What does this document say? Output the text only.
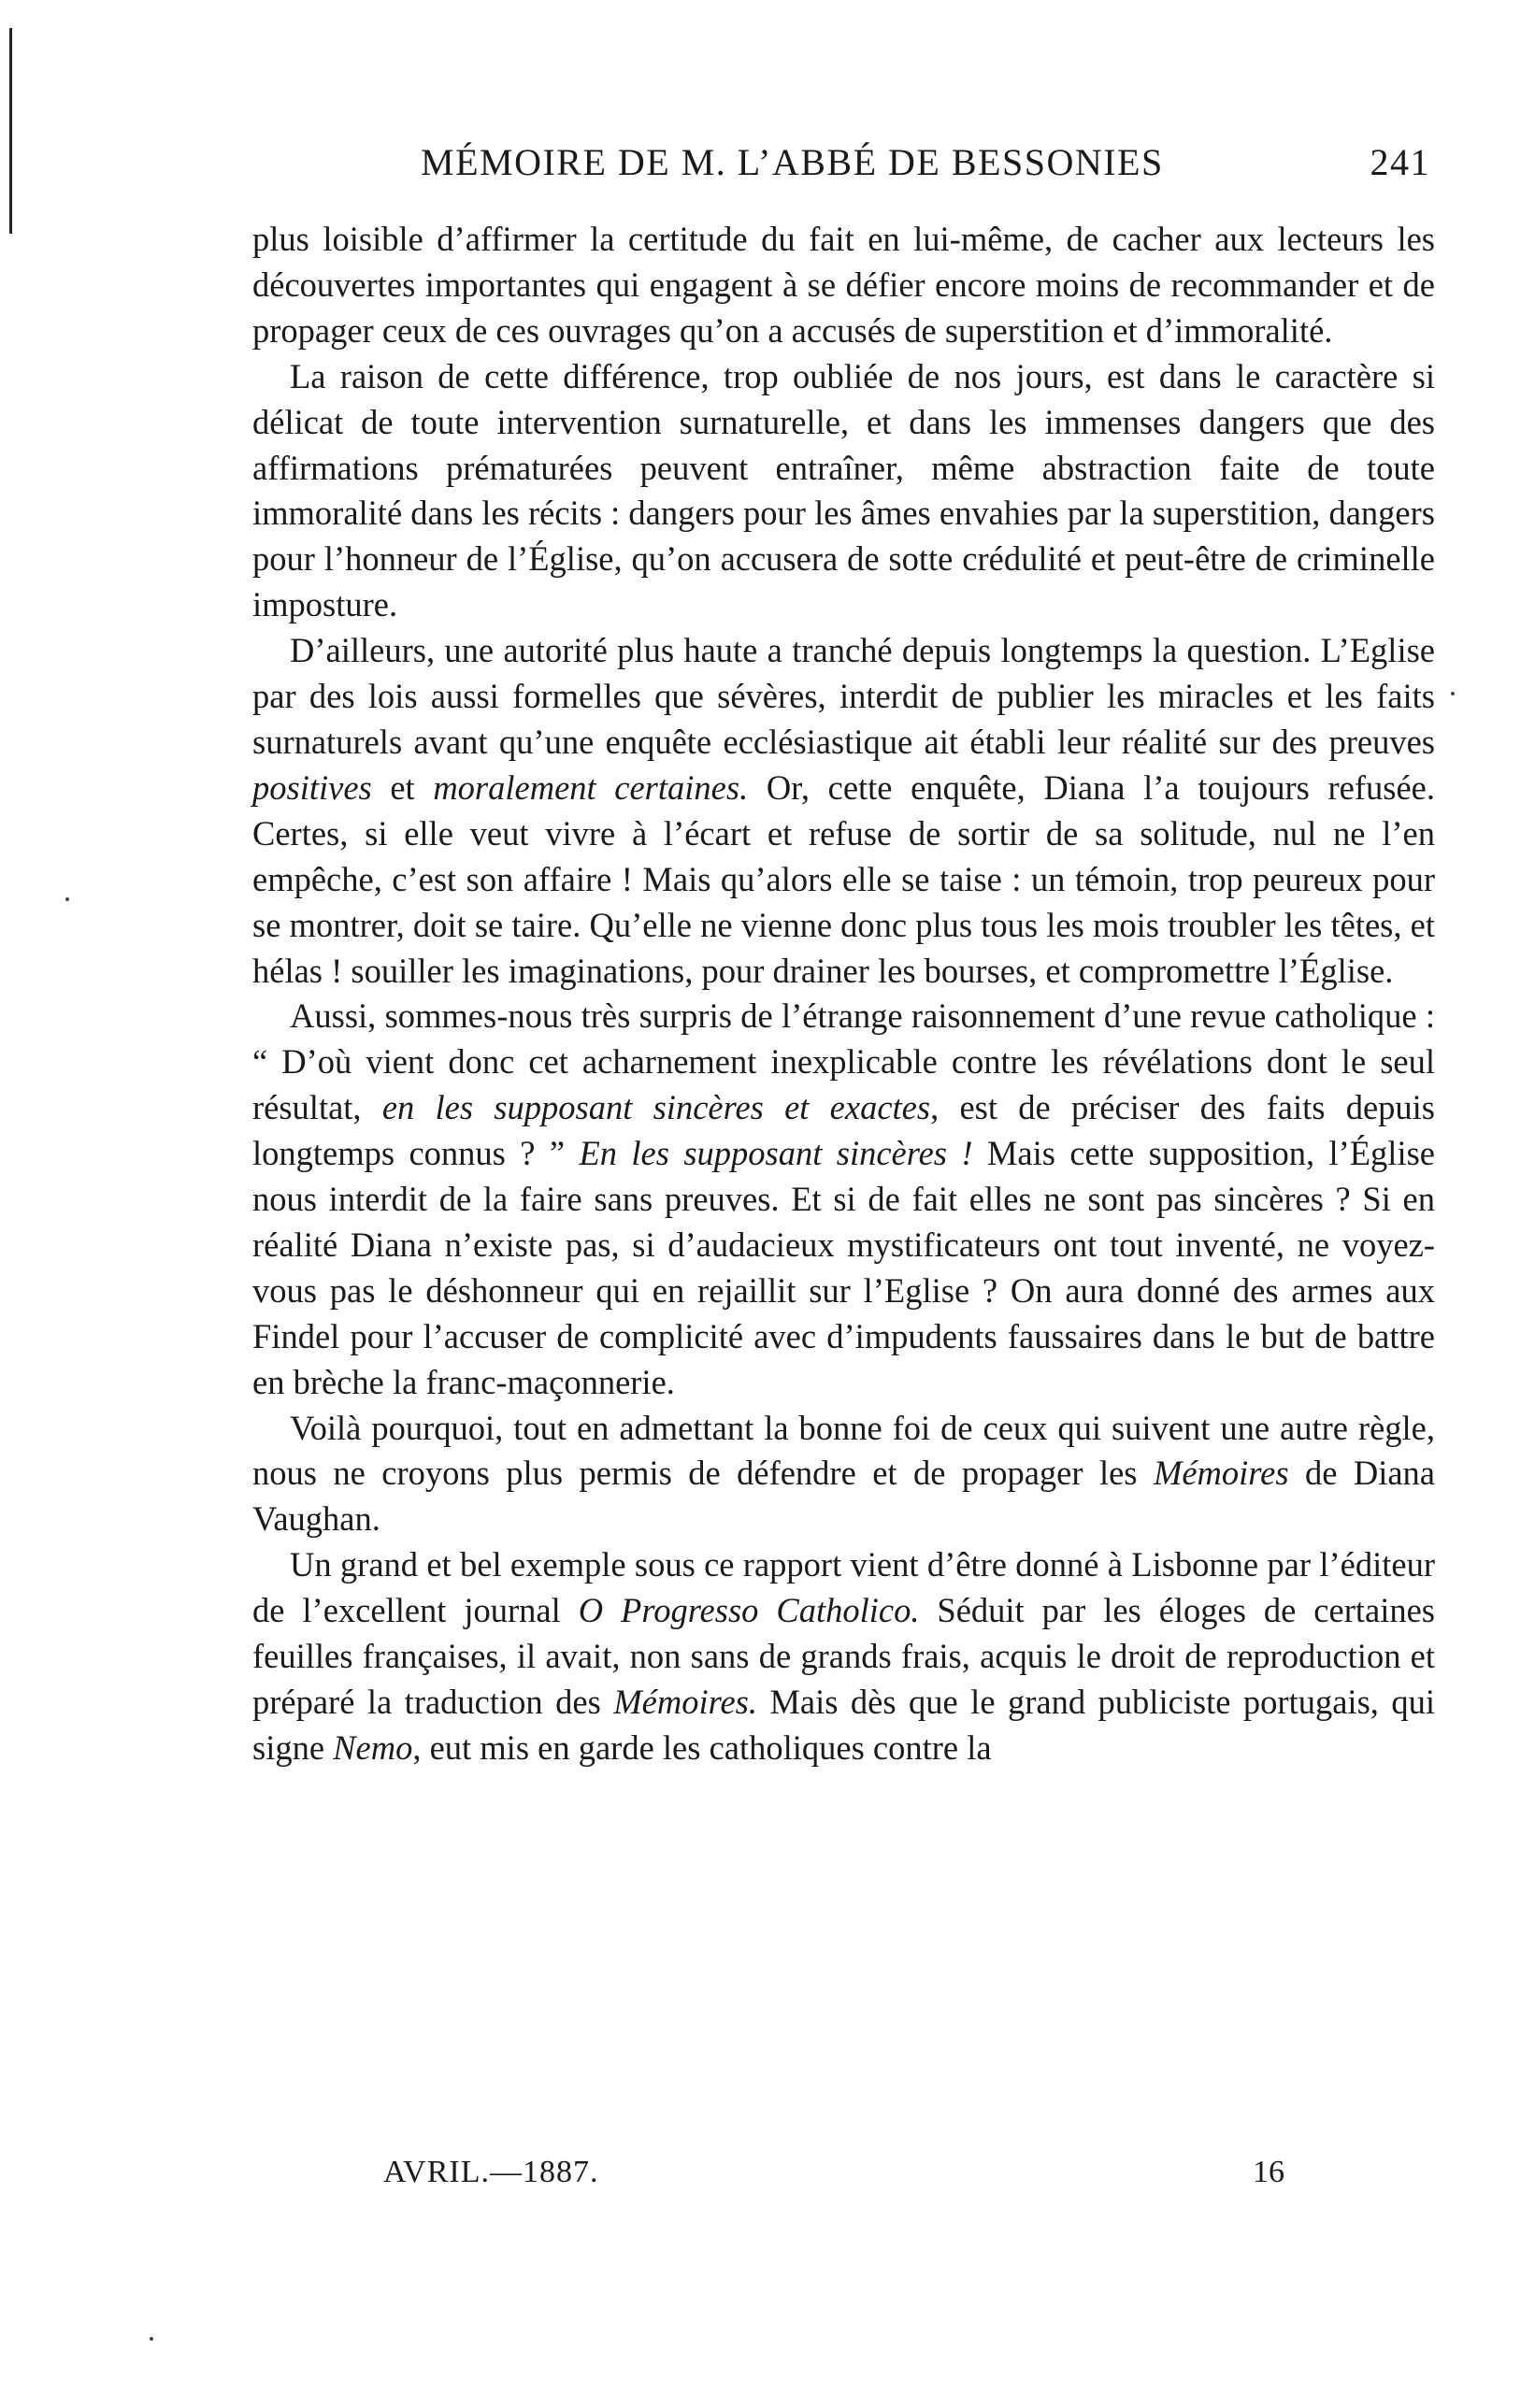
MÉMOIRE DE M. L’ABBÉ DE BESSONIES	241

plus loisible d’affirmer la certitude du fait en lui-même, de cacher aux lecteurs les découvertes importantes qui engagent à se défier encore moins de recommander et de propager ceux de ces ouvrages qu’on a accusés de superstition et d’immoralité.

La raison de cette différence, trop oubliée de nos jours, est dans le caractère si délicat de toute intervention surnaturelle, et dans les immenses dangers que des affirmations prématurées peuvent entraîner, même abstraction faite de toute immoralité dans les récits : dangers pour les âmes envahies par la superstition, dangers pour l’honneur de l’Église, qu’on accusera de sotte crédulité et peut-être de criminelle imposture.

D’ailleurs, une autorité plus haute a tranché depuis longtemps la question. L’Eglise par des lois aussi formelles que sévères, interdit de publier les miracles et les faits surnaturels avant qu’une enquête ecclésiastique ait établi leur réalité sur des preuves positives et moralement certaines. Or, cette enquête, Diana l’a toujours refusée. Certes, si elle veut vivre à l’écart et refuse de sortir de sa solitude, nul ne l’en empêche, c’est son affaire ! Mais qu’alors elle se taise : un témoin, trop peureux pour se montrer, doit se taire. Qu’elle ne vienne donc plus tous les mois troubler les têtes, et hélas ! souiller les imaginations, pour drainer les bourses, et compromettre l’Église.

Aussi, sommes-nous très surpris de l’étrange raisonnement d’une revue catholique : “ D’où vient donc cet acharnement inexplicable contre les révélations dont le seul résultat, en les supposant sincères et exactes, est de préciser des faits depuis longtemps connus ? ” En les supposant sincères ! Mais cette supposition, l’Église nous interdit de la faire sans preuves. Et si de fait elles ne sont pas sincères ? Si en réalité Diana n’existe pas, si d’audacieux mystificateurs ont tout inventé, ne voyez-vous pas le déshonneur qui en rejaillit sur l’Eglise ? On aura donné des armes aux Findel pour l’accuser de complicité avec d’impudents faussaires dans le but de battre en brèche la franc-maçonnerie.

Voilà pourquoi, tout en admettant la bonne foi de ceux qui suivent une autre règle, nous ne croyons plus permis de défendre et de propager les Mémoires de Diana Vaughan.

Un grand et bel exemple sous ce rapport vient d’être donné à Lisbonne par l’éditeur de l’excellent journal O Progresso Catholico. Séduit par les éloges de certaines feuilles françaises, il avait, non sans de grands frais, acquis le droit de reproduction et préparé la traduction des Mémoires. Mais dès que le grand publiciste portugais, qui signe Nemo, eut mis en garde les catholiques contre la

AVRIL.—1887.	16
